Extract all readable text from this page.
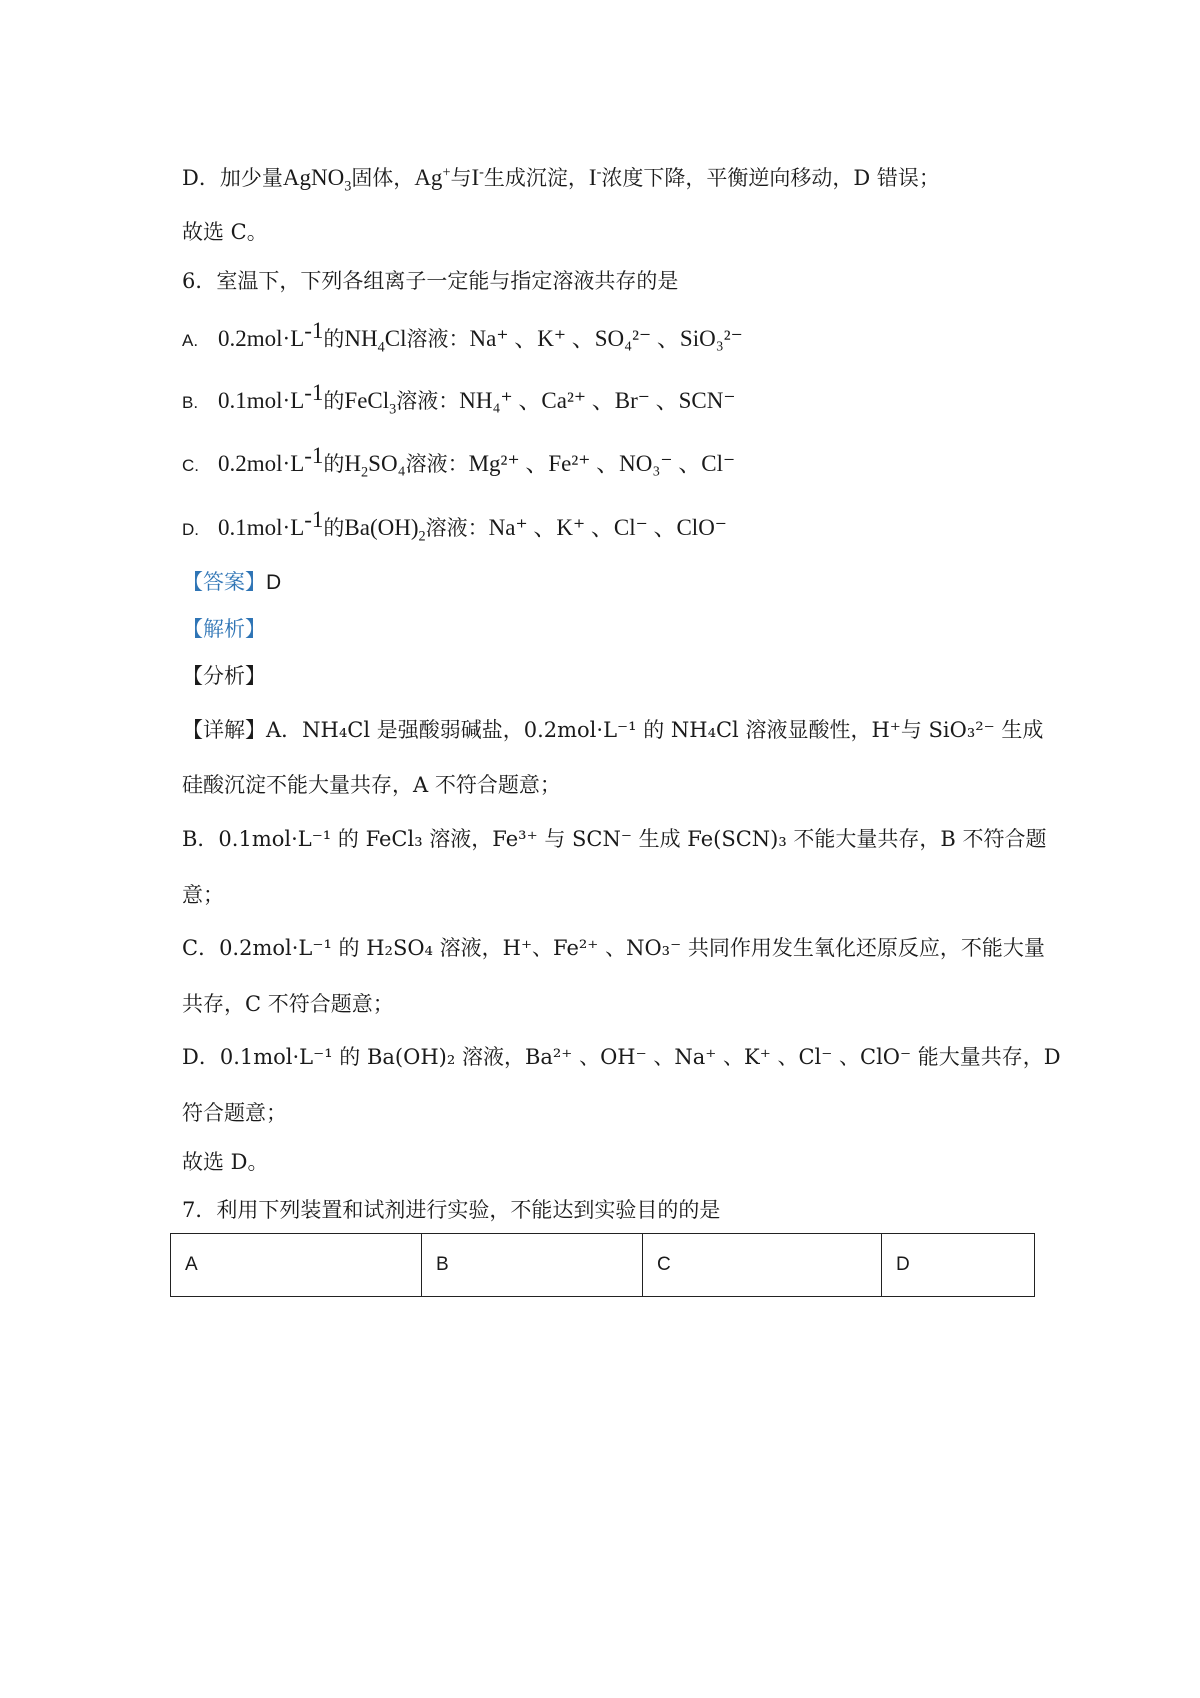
D．加少量AgNO$_3$固体，Ag+与I-生成沉淀，I-浓度下降，平衡逆向移动，D 错误；
故选 C。
6．室温下，下列各组离子一定能与指定溶液共存的是
A. $0.2mol\cdot L^{-1}$的$NH_4Cl$溶液：Na⁺ 、K⁺ 、SO₄²⁻ 、SiO₃²⁻
B. $0.1mol\cdot L^{-1}$的FeCl$_3$溶液：NH₄⁺ 、Ca²⁺ 、Br⁻ 、SCN⁻
C. $0.2mol\cdot L^{-1}$的$H_2SO_4$溶液：Mg²⁺ 、Fe²⁺ 、NO₃⁻ 、Cl⁻
D. $0.1mol\cdot L^{-1}$的$Ba(OH)_2$溶液：Na⁺ 、K⁺ 、Cl⁻ 、ClO⁻
【答案】D
【解析】
【分析】
【详解】A．NH₄Cl 是强酸弱碱盐，0.2mol·L⁻¹ 的 NH₄Cl 溶液显酸性，H⁺与 SiO₃²⁻ 生成
硅酸沉淀不能大量共存，A 不符合题意；
B．0.1mol·L⁻¹ 的 FeCl₃ 溶液，Fe³⁺ 与 SCN⁻ 生成 Fe(SCN)₃ 不能大量共存，B 不符合题
意；
C．0.2mol·L⁻¹ 的 H₂SO₄ 溶液，H⁺、Fe²⁺ 、NO₃⁻ 共同作用发生氧化还原反应，不能大量
共存，C 不符合题意；
D．0.1mol·L⁻¹ 的 Ba(OH)₂ 溶液，Ba²⁺ 、OH⁻ 、Na⁺ 、K⁺ 、Cl⁻ 、ClO⁻ 能大量共存，D
符合题意；
故选 D。
7．利用下列装置和试剂进行实验，不能达到实验目的的是
A	B	C	D
